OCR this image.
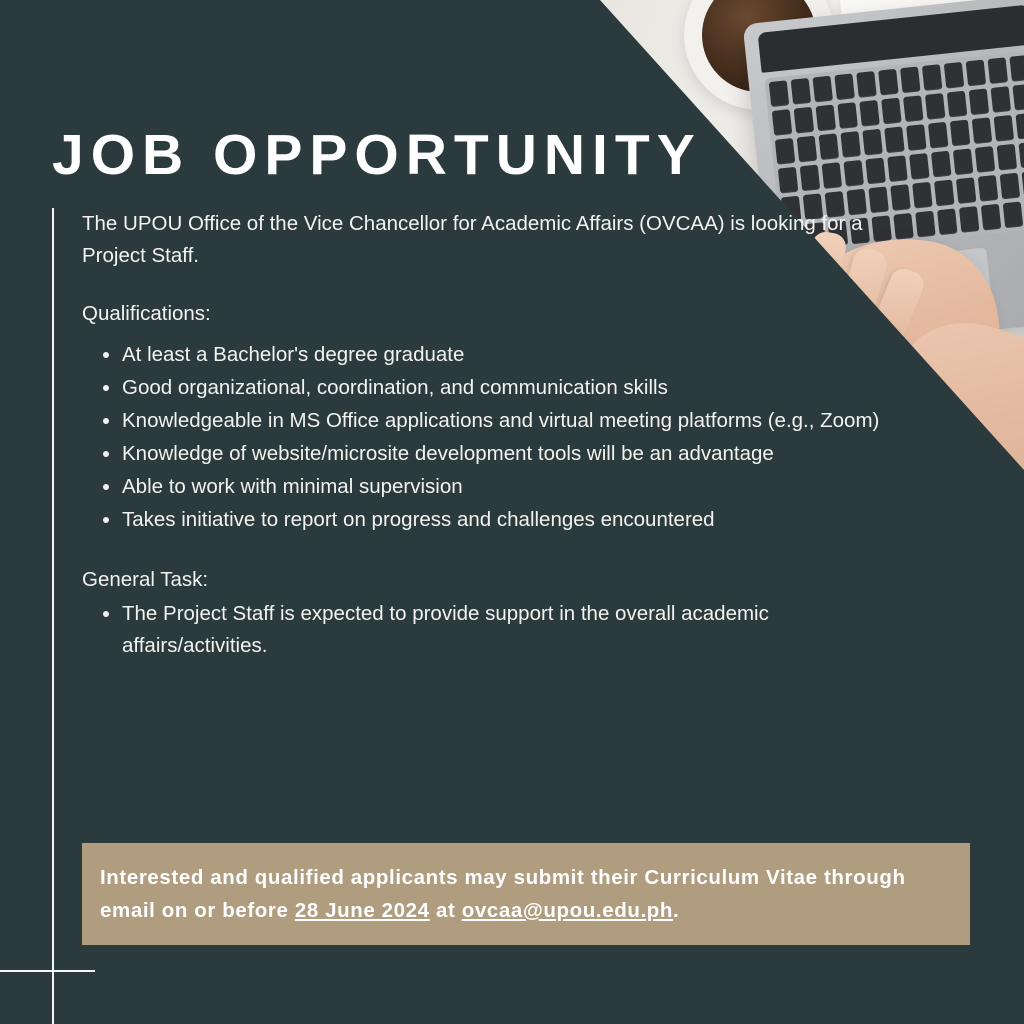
JOB OPPORTUNITY

The UPOU Office of the Vice Chancellor for Academic Affairs (OVCAA) is looking for a Project Staff.

Qualifications:

• At least a Bachelor's degree graduate
• Good organizational, coordination, and communication skills
• Knowledgeable in MS Office applications and virtual meeting platforms (e.g., Zoom)
• Knowledge of website/microsite development tools will be an advantage
• Able to work with minimal supervision
• Takes initiative to report on progress and challenges encountered

General Task:

• The Project Staff is expected to provide support in the overall academic affairs/activities.

Interested and qualified applicants may submit their Curriculum Vitae through email on or before 28 June 2024 at ovcaa@upou.edu.ph.
